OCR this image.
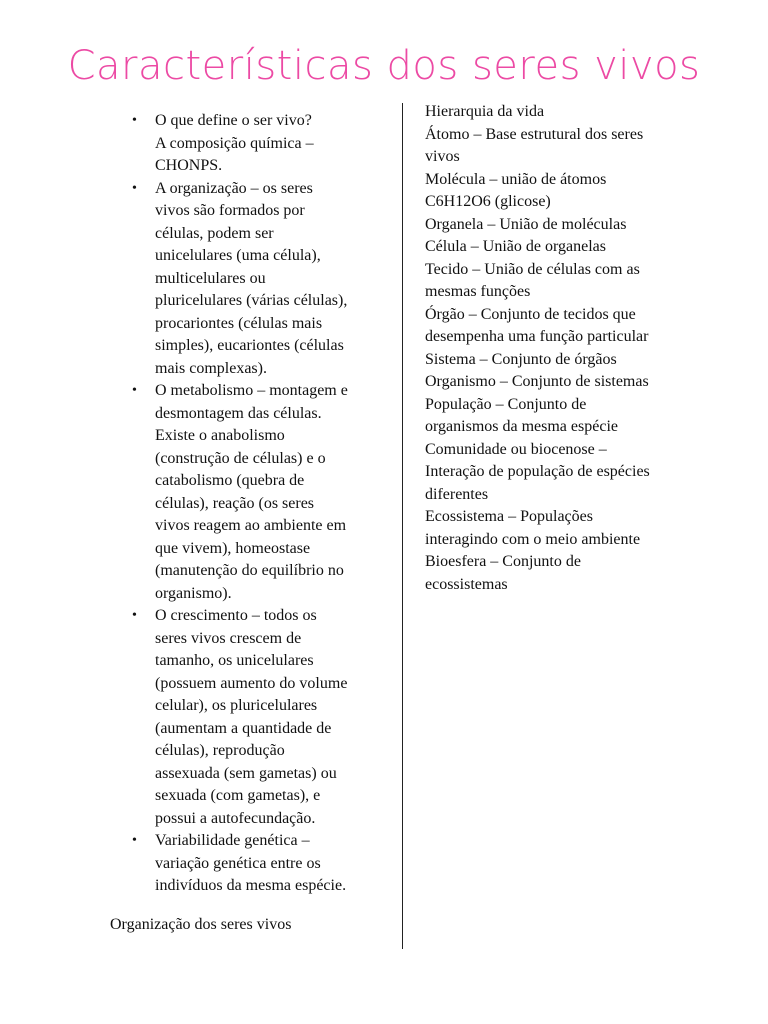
Características dos seres vivos
• O que define o ser vivo?
A composição química –
CHONPS.
• A organização – os seres
vivos são formados por
células, podem ser
unicelulares (uma célula),
multicelulares ou
pluricelulares (várias células),
procariontes (células mais
simples), eucariontes (células
mais complexas).
• O metabolismo – montagem e
desmontagem das células.
Existe o anabolismo
(construção de células) e o
catabolismo (quebra de
células), reação (os seres
vivos reagem ao ambiente em
que vivem), homeostase
(manutenção do equilíbrio no
organismo).
• O crescimento – todos os
seres vivos crescem de
tamanho, os unicelulares
(possuem aumento do volume
celular), os pluricelulares
(aumentam a quantidade de
células), reprodução
assexuada (sem gametas) ou
sexuada (com gametas), e
possui a autofecundação.
• Variabilidade genética –
variação genética entre os
indivíduos da mesma espécie.
Organização dos seres vivos
Hierarquia da vida
Átomo – Base estrutural dos seres
vivos
Molécula – união de átomos
C6H12O6 (glicose)
Organela – União de moléculas
Célula – União de organelas
Tecido – União de células com as
mesmas funções
Órgão – Conjunto de tecidos que
desempenha uma função particular
Sistema – Conjunto de órgãos
Organismo – Conjunto de sistemas
População – Conjunto de
organismos da mesma espécie
Comunidade ou biocenose –
Interação de população de espécies
diferentes
Ecossistema – Populações
interagindo com o meio ambiente
Bioesfera – Conjunto de
ecossistemas
